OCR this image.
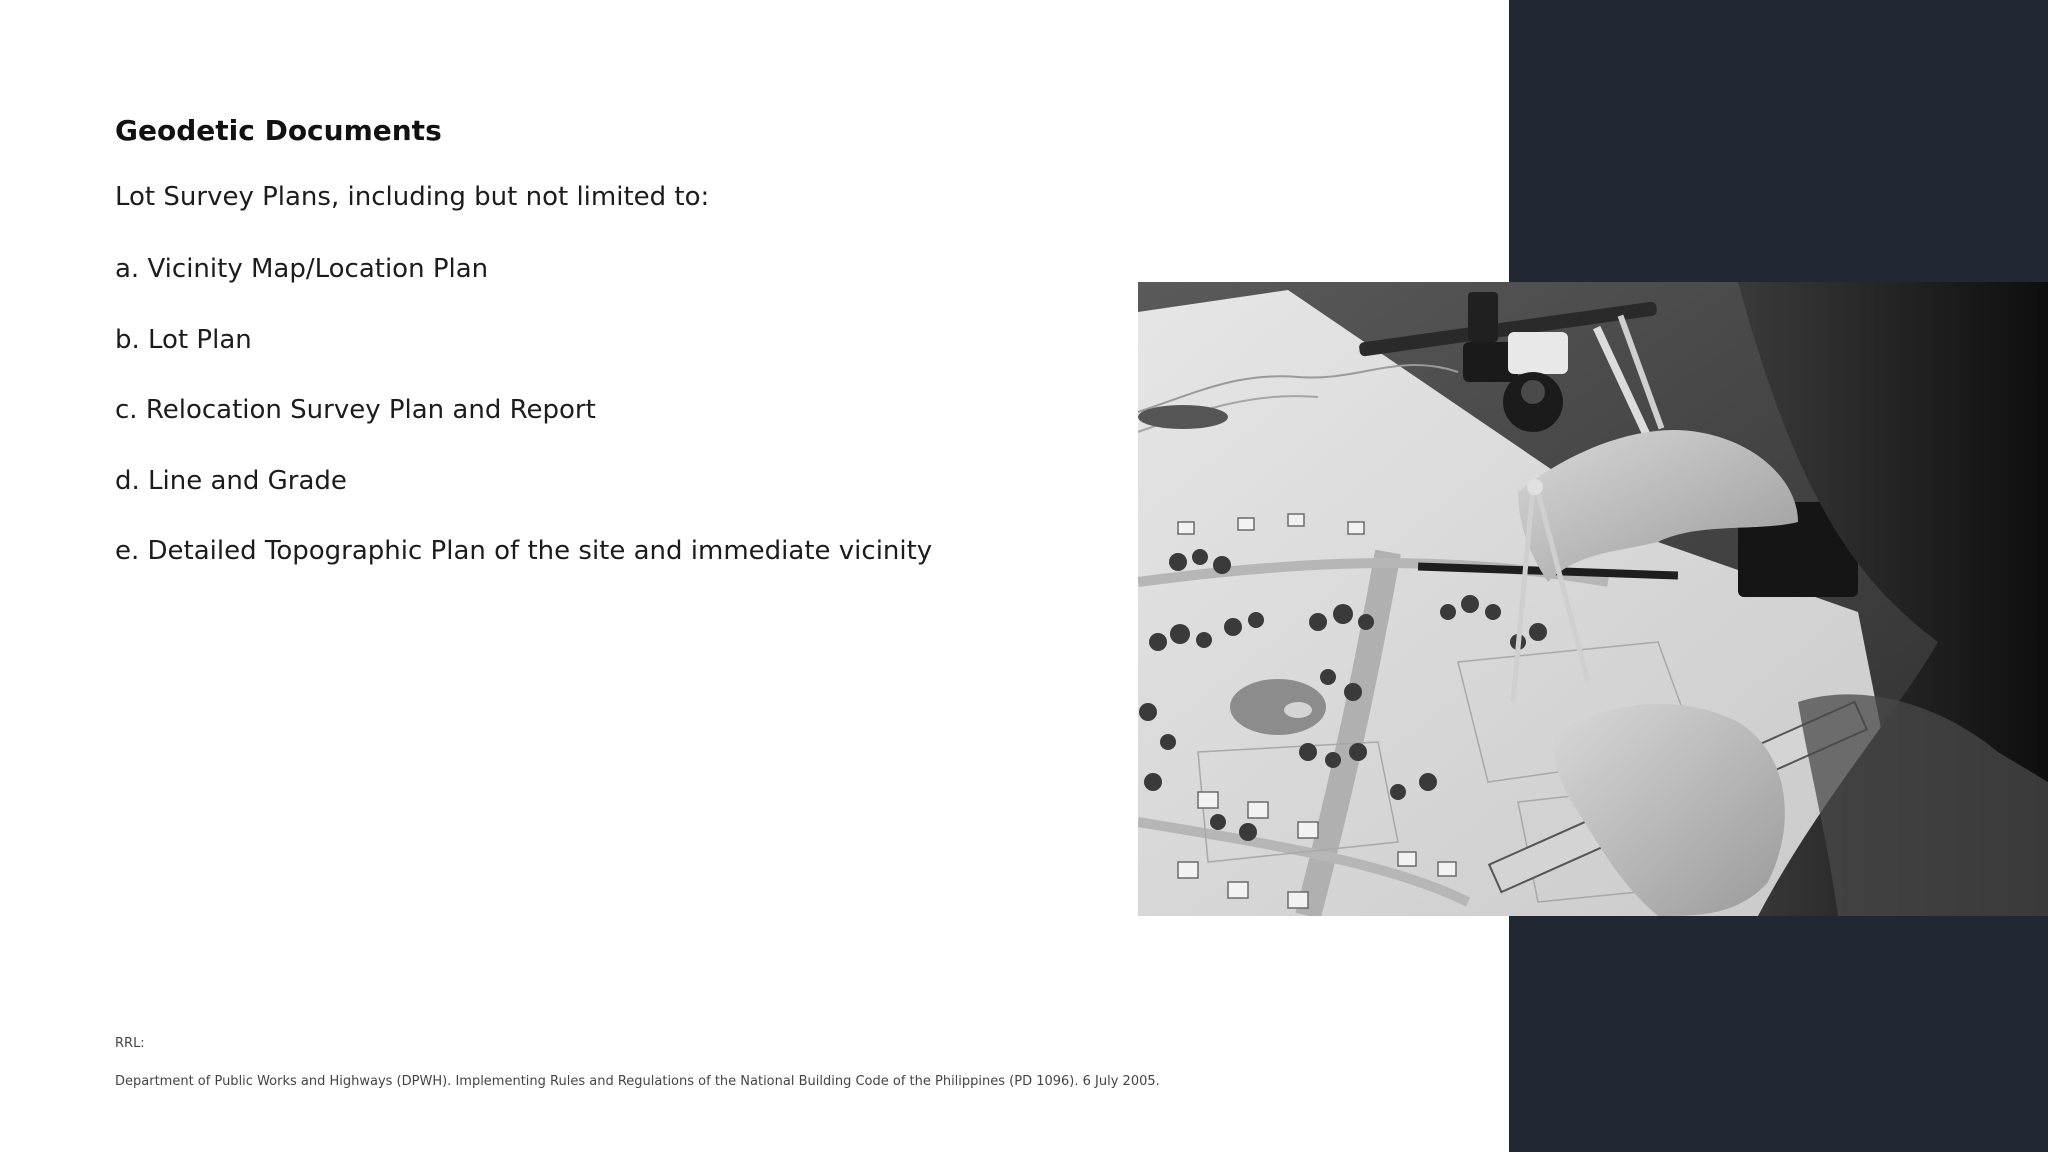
Geodetic Documents
Lot Survey Plans, including but not limited to:
a. Vicinity Map/Location Plan
b. Lot Plan
c. Relocation Survey Plan and Report
d. Line and Grade
e. Detailed Topographic Plan of the site and immediate vicinity
RRL:
Department of Public Works and Highways (DPWH). Implementing Rules and Regulations of the National Building Code of the Philippines (PD 1096). 6 July 2005.
